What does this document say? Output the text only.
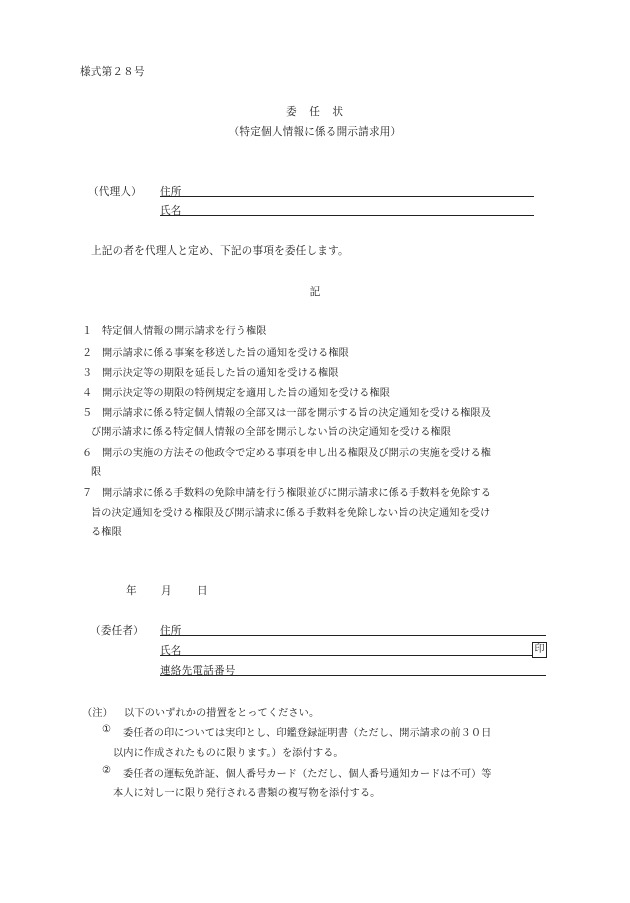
様式第２８号
委　任　状
（特定個人情報に係る開示請求用）
（代理人） 住所
氏名
上記の者を代理人と定め、下記の事項を委任します。
記
１ 特定個人情報の開示請求を行う権限
２ 開示請求に係る事案を移送した旨の通知を受ける権限
３ 開示決定等の期限を延長した旨の通知を受ける権限
４ 開示決定等の期限の特例規定を適用した旨の通知を受ける権限
５ 開示請求に係る特定個人情報の全部又は一部を開示する旨の決定通知を受ける権限及
び開示請求に係る特定個人情報の全部を開示しない旨の決定通知を受ける権限
６ 開示の実施の方法その他政令で定める事項を申し出る権限及び開示の実施を受ける権
限
７ 開示請求に係る手数料の免除申請を行う権限並びに開示請求に係る手数料を免除する
旨の決定通知を受ける権限及び開示請求に係る手数料を免除しない旨の決定通知を受け
る権限
年 月 日
（委任者） 住所
氏名	印
連絡先電話番号
（注） 以下のいずれかの措置をとってください。
① 委任者の印については実印とし、印鑑登録証明書（ただし、開示請求の前３０日
以内に作成されたものに限ります。）を添付する。
② 委任者の運転免許証、個人番号カード（ただし、個人番号通知カードは不可）等
本人に対し一に限り発行される書類の複写物を添付する。
